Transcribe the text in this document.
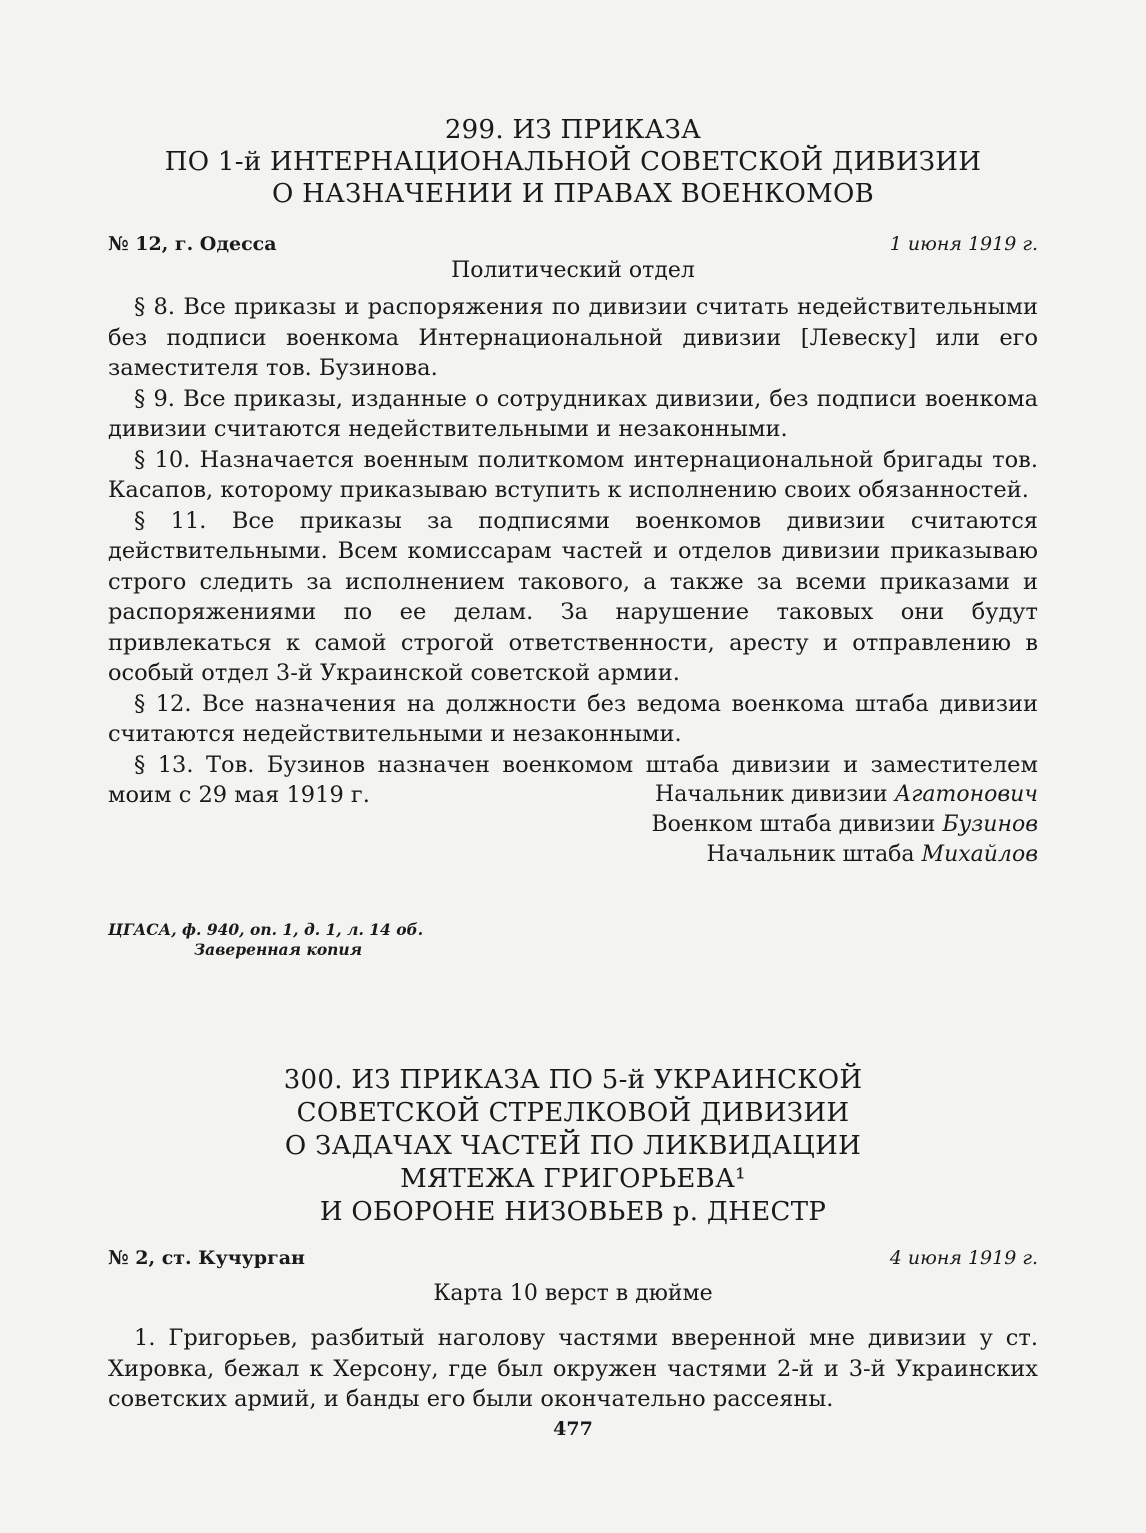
299. ИЗ ПРИКАЗА
ПО 1-й ИНТЕРНАЦИОНАЛЬНОЙ СОВЕТСКОЙ ДИВИЗИИ
О НАЗНАЧЕНИИ И ПРАВАХ ВОЕНКОМОВ
№ 12, г. Одесса	1 июня 1919 г.
Политический отдел

§ 8. Все приказы и распоряжения по дивизии считать недействительными без подписи военкома Интернациональной дивизии [Левеску] или его заместителя тов. Бузинова.

§ 9. Все приказы, изданные о сотрудниках дивизии, без подписи военкома дивизии считаются недействительными и незаконными.

§ 10. Назначается военным политкомом интернациональной бригады тов. Касапов, которому приказываю вступить к исполнению своих обязанностей.

§ 11. Все приказы за подписями военкомов дивизии считаются действительными. Всем комиссарам частей и отделов дивизии приказываю строго следить за исполнением такового, а также за всеми приказами и распоряжениями по ее делам. За нарушение таковых они будут привлекаться к самой строгой ответственности, аресту и отправлению в особый отдел 3-й Украинской советской армии.

§ 12. Все назначения на должности без ведома военкома штаба дивизии считаются недействительными и незаконными.

§ 13. Тов. Бузинов назначен военкомом штаба дивизии и заместителем моим с 29 мая 1919 г.	Начальник дивизии Агатонович
Военком штаба дивизии Бузинов
Начальник штаба Михайлов
ЦГАСА, ф. 940, оп. 1, д. 1, л. 14 об.
Заверенная копия
300. ИЗ ПРИКАЗА ПО 5-й УКРАИНСКОЙ
СОВЕТСКОЙ СТРЕЛКОВОЙ ДИВИЗИИ
О ЗАДАЧАХ ЧАСТЕЙ ПО ЛИКВИДАЦИИ
МЯТЕЖА ГРИГОРЬЕВА¹
И ОБОРОНЕ НИЗОВЬЕВ р. ДНЕСТР
№ 2, ст. Кучурган	4 июня 1919 г.
Карта 10 верст в дюйме

1. Григорьев, разбитый наголову частями вверенной мне дивизии у ст. Хировка, бежал к Херсону, где был окружен частями 2-й и 3-й Украинских советских армий, и банды его были окончательно рассеяны.

477
